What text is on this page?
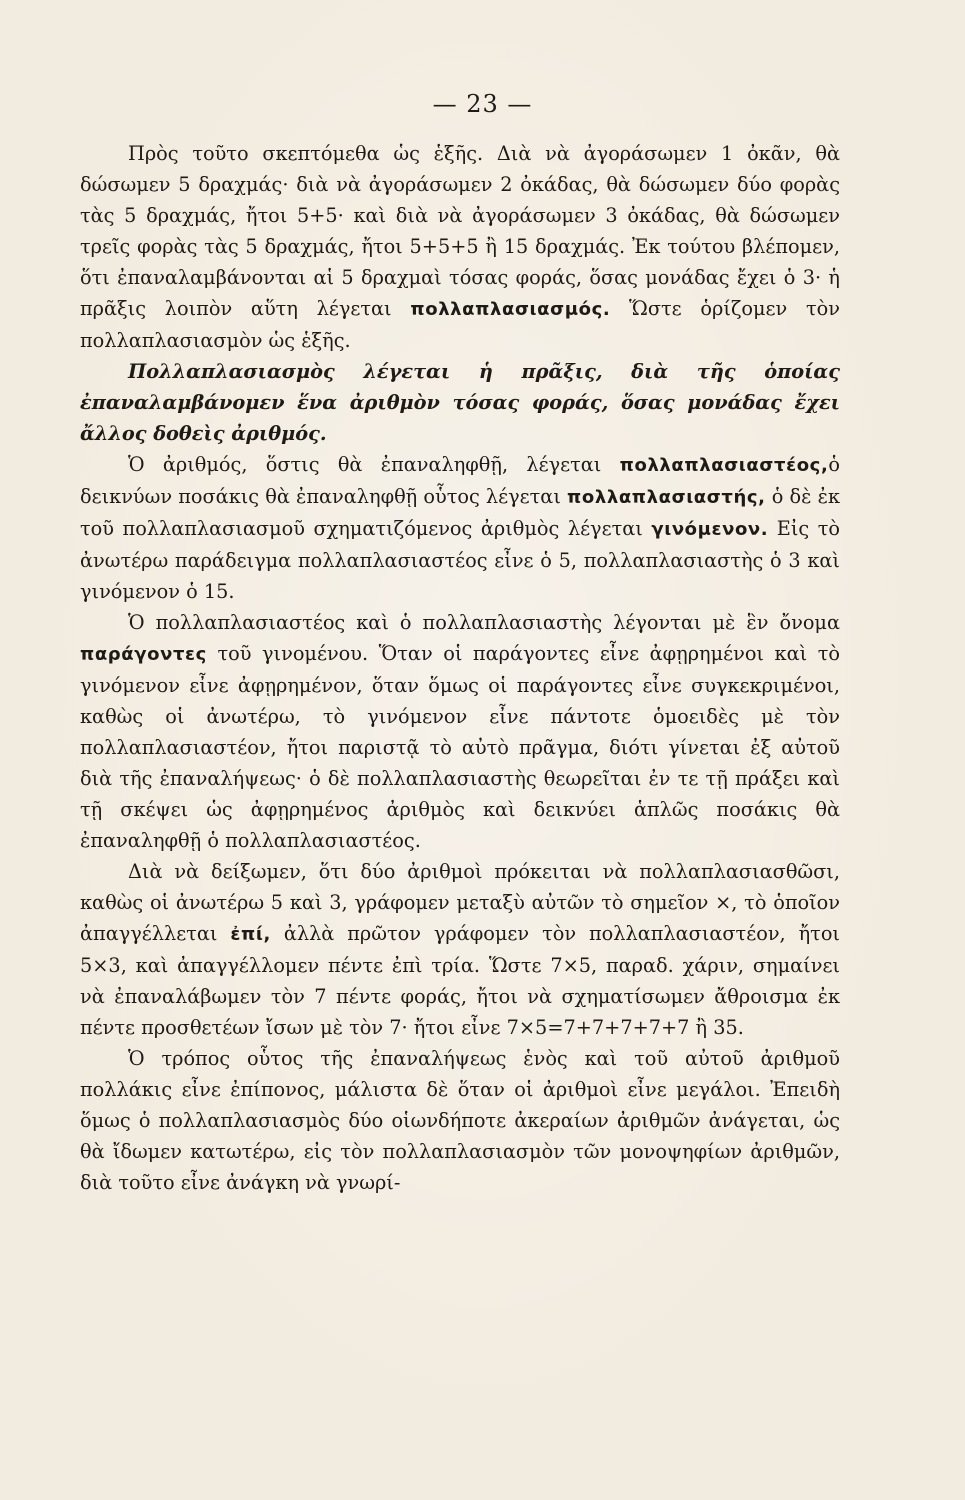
— 23 —

Πρὸς τοῦτο σκεπτόμεθα ὡς ἑξῆς. Διὰ νὰ ἀγοράσωμεν 1 ὀκᾶν, θὰ δώσωμεν 5 δραχμάς· διὰ νὰ ἀγοράσωμεν 2 ὀκάδας, θὰ δώσωμεν δύο φορὰς τὰς 5 δραχμάς, ἤτοι 5+5· καὶ διὰ νὰ ἀγοράσωμεν 3 ὀκάδας, θὰ δώσωμεν τρεῖς φορὰς τὰς 5 δραχμάς, ἤτοι 5+5+5 ἢ 15 δραχμάς. Ἐκ τούτου βλέπομεν, ὅτι ἐπαναλαμβάνονται αἱ 5 δραχμαὶ τόσας φοράς, ὅσας μονάδας ἔχει ὁ 3· ἡ πρᾶξις λοιπὸν αὕτη λέγεται πολλαπλασιασμός. Ὥστε ὁρίζομεν τὸν πολλαπλασιασμὸν ὡς ἑξῆς.

Πολλαπλασιασμὸς λέγεται ἡ πρᾶξις, διὰ τῆς ὁποίας ἐπαναλαμβάνομεν ἕνα ἀριθμὸν τόσας φοράς, ὅσας μονάδας ἔχει ἄλλος δοθεὶς ἀριθμός.

Ὁ ἀριθμός, ὅστις θὰ ἐπαναληφθῇ, λέγεται πολλαπλασιαστέος,ὁ δεικνύων ποσάκις θὰ ἐπαναληφθῇ οὗτος λέγεται πολλαπλασιαστής, ὁ δὲ ἐκ τοῦ πολλαπλασιασμοῦ σχηματιζόμενος ἀριθμὸς λέγεται γινόμενον. Εἰς τὸ ἀνωτέρω παράδειγμα πολλαπλασιαστέος εἶνε ὁ 5, πολλαπλασιαστὴς ὁ 3 καὶ γινόμενον ὁ 15.

Ὁ πολλαπλασιαστέος καὶ ὁ πολλαπλασιαστὴς λέγονται μὲ ἓν ὄνομα παράγοντες τοῦ γινομένου. Ὅταν οἱ παράγοντες εἶνε ἀφῃρημένοι καὶ τὸ γινόμενον εἶνε ἀφῃρημένον, ὅταν ὅμως οἱ παράγοντες εἶνε συγκεκριμένοι, καθὼς οἱ ἀνωτέρω, τὸ γινόμενον εἶνε πάντοτε ὁμοειδὲς μὲ τὸν πολλαπλασιαστέον, ἤτοι παριστᾷ τὸ αὐτὸ πρᾶγμα, διότι γίνεται ἐξ αὐτοῦ διὰ τῆς ἐπαναλήψεως· ὁ δὲ πολλαπλασιαστὴς θεωρεῖται ἐν τε τῇ πράξει καὶ τῇ σκέψει ὡς ἀφῃρημένος ἀριθμὸς καὶ δεικνύει ἁπλῶς ποσάκις θὰ ἐπαναληφθῇ ὁ πολλαπλασιαστέος.

Διὰ νὰ δείξωμεν, ὅτι δύο ἀριθμοὶ πρόκειται νὰ πολλαπλασιασθῶσι, καθὼς οἱ ἀνωτέρω 5 καὶ 3, γράφομεν μεταξὺ αὐτῶν τὸ σημεῖον ×, τὸ ὁποῖον ἀπαγγέλλεται ἐπί, ἀλλὰ πρῶτον γράφομεν τὸν πολλαπλασιαστέον, ἤτοι 5×3, καὶ ἀπαγγέλλομεν πέντε ἐπὶ τρία. Ὥστε 7×5, παραδ. χάριν, σημαίνει νὰ ἐπαναλάβωμεν τὸν 7 πέντε φοράς, ἤτοι νὰ σχηματίσωμεν ἄθροισμα ἐκ πέντε προσθετέων ἴσων μὲ τὸν 7· ἤτοι εἶνε 7×5=7+7+7+7+7 ἢ 35.

Ὁ τρόπος οὗτος τῆς ἐπαναλήψεως ἑνὸς καὶ τοῦ αὐτοῦ ἀριθμοῦ πολλάκις εἶνε ἐπίπονος, μάλιστα δὲ ὅταν οἱ ἀριθμοὶ εἶνε μεγάλοι. Ἐπειδὴ ὅμως ὁ πολλαπλασιασμὸς δύο οἱωνδήποτε ἀκεραίων ἀριθμῶν ἀνάγεται, ὡς θὰ ἴδωμεν κατωτέρω, εἰς τὸν πολλαπλασιασμὸν τῶν μονοψηφίων ἀριθμῶν, διὰ τοῦτο εἶνε ἀνάγκη νὰ γνωρί-
